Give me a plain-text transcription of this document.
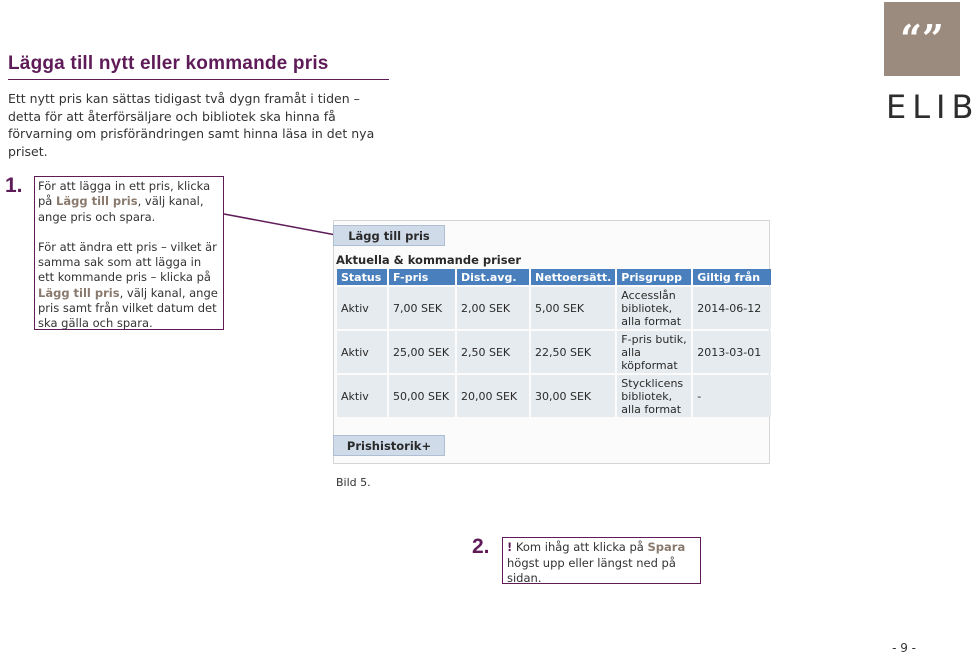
Lägga till nytt eller kommande pris
Ett nytt pris kan sättas tidigast två dygn framåt i tiden – detta för att återförsäljare och bibliotek ska hinna få förvarning om prisförändringen samt hinna läsa in det nya priset.
“”
ELIB
1. För att lägga in ett pris, klicka på Lägg till pris, välj kanal, ange pris och spara.

För att ändra ett pris – vilket är samma sak som att lägga in ett kommande pris – klicka på Lägg till pris, välj kanal, ange pris samt från vilket datum det ska gälla och spara.

Lägg till pris
Aktuella & kommande priser
Status	F-pris	Dist.avg.	Nettoersätt.	Prisgrupp	Giltig från
Aktiv	7,00 SEK	2,00 SEK	5,00 SEK	Accesslån bibliotek, alla format	2014-06-12
Aktiv	25,00 SEK	2,50 SEK	22,50 SEK	F-pris butik, alla köpformat	2013-03-01
Aktiv	50,00 SEK	20,00 SEK	30,00 SEK	Stycklicens bibliotek, alla format	-
Prishistorik+
Bild 5.
2.	! Kom ihåg att klicka på Spara högst upp eller längst ned på sidan.
- 9 -
